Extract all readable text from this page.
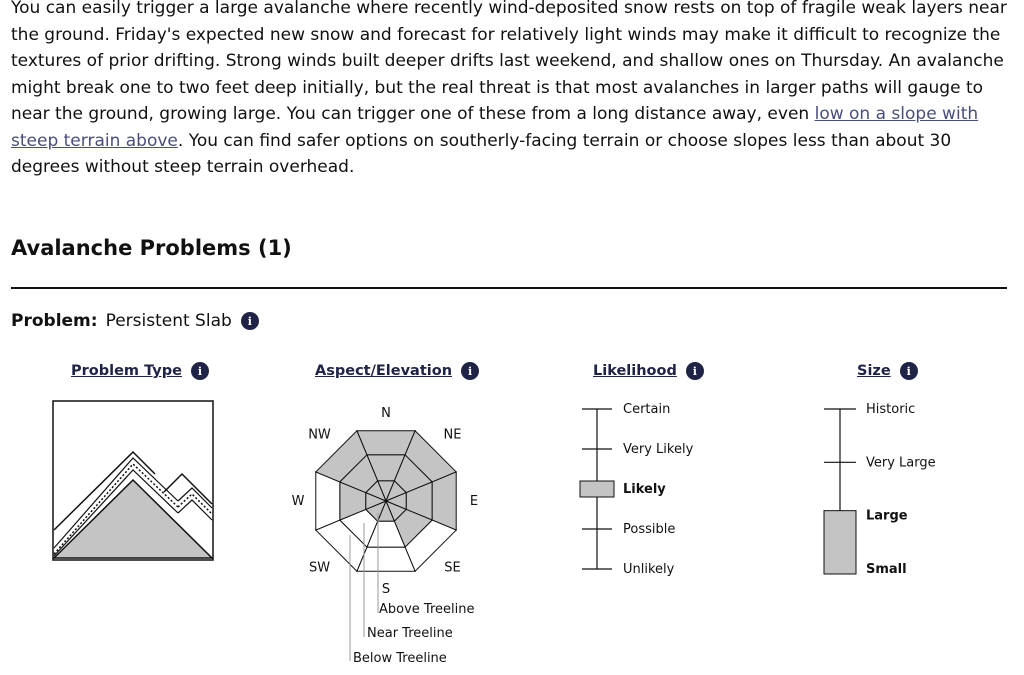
You can easily trigger a large avalanche where recently wind-deposited snow rests on top of fragile weak layers near the ground. Friday's expected new snow and forecast for relatively light winds may make it difficult to recognize the textures of prior drifting. Strong winds built deeper drifts last weekend, and shallow ones on Thursday. An avalanche might break one to two feet deep initially, but the real threat is that most avalanches in larger paths will gauge to near the ground, growing large. You can trigger one of these from a long distance away, even low on a slope with steep terrain above. You can find safer options on southerly-facing terrain or choose slopes less than about 30 degrees without steep terrain overhead.

Avalanche Problems (1)
Problem: Persistent Slab	i
Problem Type	i	Aspect/Elevation	i	Likelihood	i	Size	i
N
NE
E
SE
S
SW
W
NW
Above Treeline
Near Treeline
Below Treeline
Certain
Very Likely
Likely
Possible
Unlikely
Historic
Very Large
Large
Small
